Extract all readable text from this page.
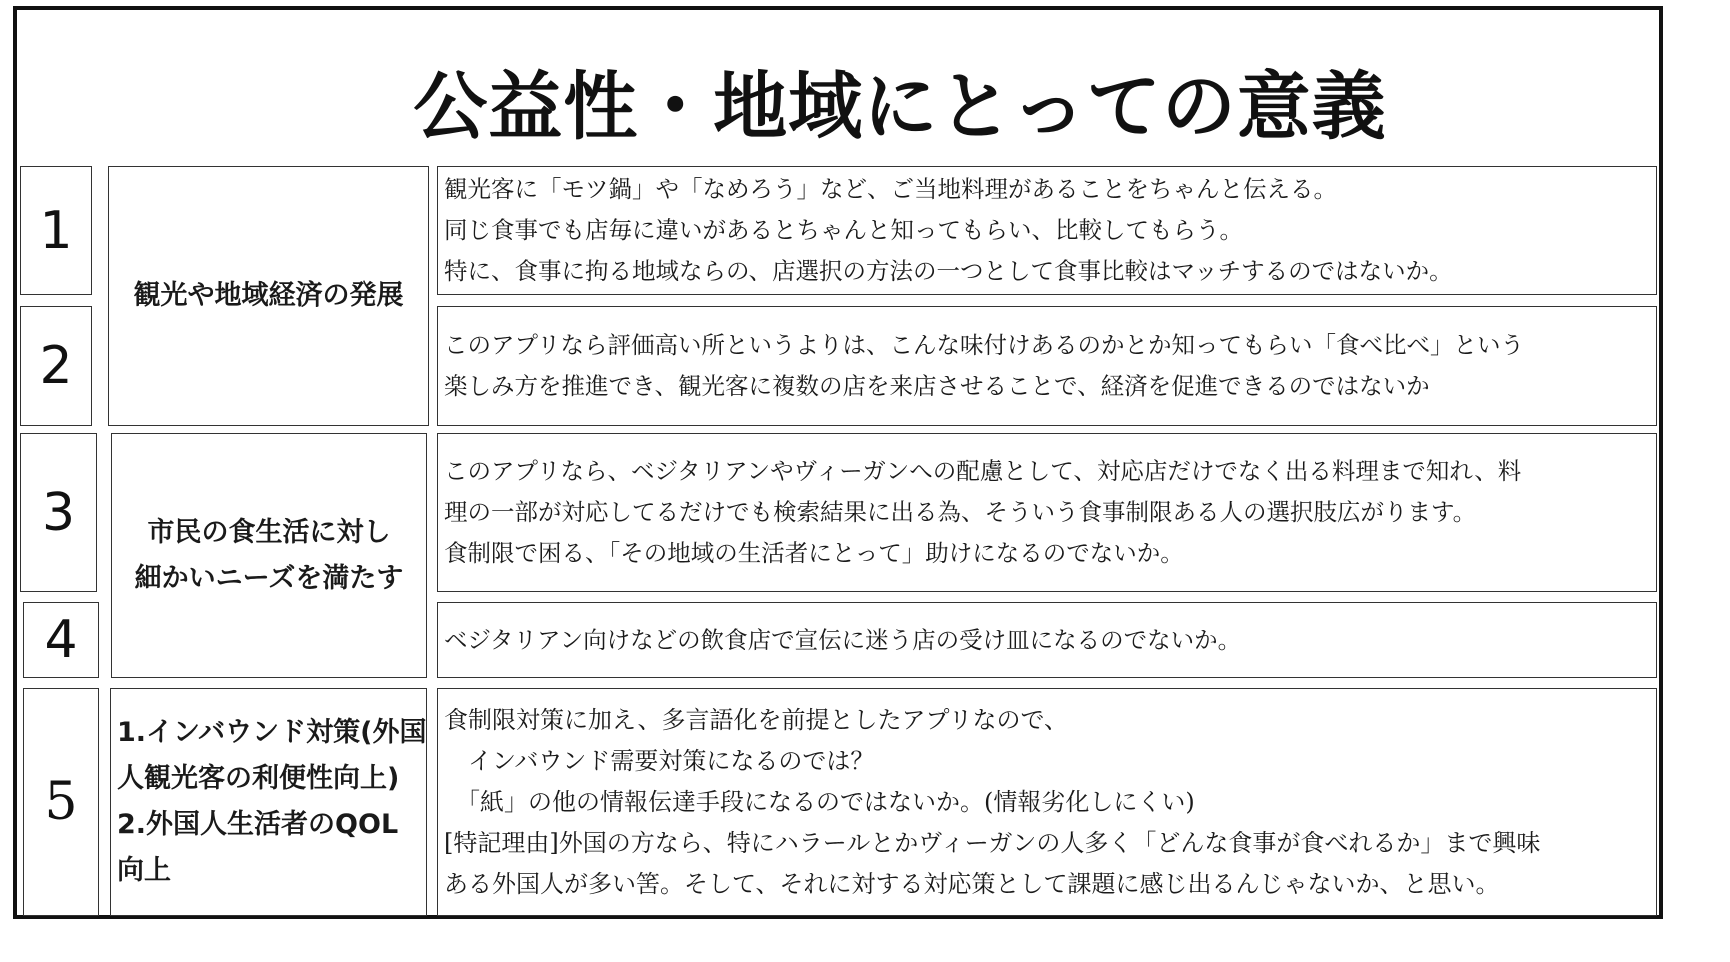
公益性・地域にとっての意義
1
2
3
4
5
観光や地域経済の発展
市民の食生活に対し
細かいニーズを満たす
1.インバウンド対策(外国
人観光客の利便性向上)
2.外国人生活者のQOL
向上
観光客に「モツ鍋」や「なめろう」など、ご当地料理があることをちゃんと伝える。
同じ食事でも店毎に違いがあるとちゃんと知ってもらい、比較してもらう。
特に、食事に拘る地域ならの、店選択の方法の一つとして食事比較はマッチするのではないか。
このアプリなら評価高い所というよりは、こんな味付けあるのかとか知ってもらい「食べ比べ」という
楽しみ方を推進でき、観光客に複数の店を来店させることで、経済を促進できるのではないか
このアプリなら、ベジタリアンやヴィーガンへの配慮として、対応店だけでなく出る料理まで知れ、料
理の一部が対応してるだけでも検索結果に出る為、そういう食事制限ある人の選択肢広がります。
食制限で困る、「その地域の生活者にとって」助けになるのでないか。
ベジタリアン向けなどの飲食店で宣伝に迷う店の受け皿になるのでないか。
食制限対策に加え、多言語化を前提としたアプリなので、
　インバウンド需要対策になるのでは？
　「紙」の他の情報伝達手段になるのではないか。(情報劣化しにくい)
[特記理由]外国の方なら、特にハラールとかヴィーガンの人多く「どんな食事が食べれるか」まで興味
ある外国人が多い筈。そして、それに対する対応策として課題に感じ出るんじゃないか、と思い。
